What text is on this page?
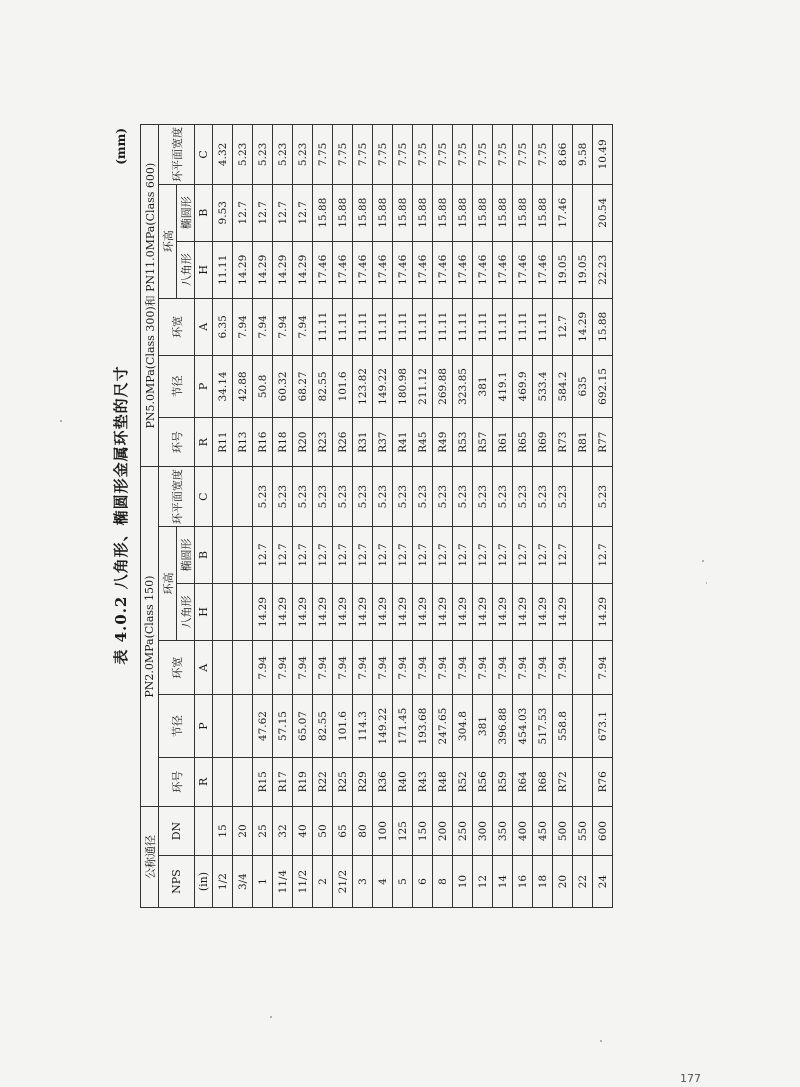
表 4.0.2 八角形、椭圆形金属环垫的尺寸
(mm)
公称通径		PN2.0MPa(Class 150)						PN5.0MPa(Class 300)和 PN11.0MPa(Class 600)					
NPS	DN	环号	节径	环宽	环高		环平面宽度	环号	节径	环宽	环高		环平面宽度
					八角形	椭圆形					八角形	椭圆形	
(in)		R	P	A	H	B	C	R	P	A	H	B	C
1/2	15							R11	34.14	6.35	11.11	9.53	4.32
3/4	20							R13	42.88	7.94	14.29	12.7	5.23
1	25	R15	47.62	7.94	14.29	12.7	5.23	R16	50.8	7.94	14.29	12.7	5.23
11/4	32	R17	57.15	7.94	14.29	12.7	5.23	R18	60.32	7.94	14.29	12.7	5.23
11/2	40	R19	65.07	7.94	14.29	12.7	5.23	R20	68.27	7.94	14.29	12.7	5.23
2	50	R22	82.55	7.94	14.29	12.7	5.23	R23	82.55	11.11	17.46	15.88	7.75
21/2	65	R25	101.6	7.94	14.29	12.7	5.23	R26	101.6	11.11	17.46	15.88	7.75
3	80	R29	114.3	7.94	14.29	12.7	5.23	R31	123.82	11.11	17.46	15.88	7.75
4	100	R36	149.22	7.94	14.29	12.7	5.23	R37	149.22	11.11	17.46	15.88	7.75
5	125	R40	171.45	7.94	14.29	12.7	5.23	R41	180.98	11.11	17.46	15.88	7.75
6	150	R43	193.68	7.94	14.29	12.7	5.23	R45	211.12	11.11	17.46	15.88	7.75
8	200	R48	247.65	7.94	14.29	12.7	5.23	R49	269.88	11.11	17.46	15.88	7.75
10	250	R52	304.8	7.94	14.29	12.7	5.23	R53	323.85	11.11	17.46	15.88	7.75
12	300	R56	381	7.94	14.29	12.7	5.23	R57	381	11.11	17.46	15.88	7.75
14	350	R59	396.88	7.94	14.29	12.7	5.23	R61	419.1	11.11	17.46	15.88	7.75
16	400	R64	454.03	7.94	14.29	12.7	5.23	R65	469.9	11.11	17.46	15.88	7.75
18	450	R68	517.53	7.94	14.29	12.7	5.23	R69	533.4	11.11	17.46	15.88	7.75
20	500	R72	558.8	7.94	14.29	12.7	5.23	R73	584.2	12.7	19.05	17.46	8.66
22	550							R81	635	14.29	19.05		9.58
24	600	R76	673.1	7.94	14.29	12.7	5.23	R77	692.15	15.88	22.23	20.54	10.49
177
